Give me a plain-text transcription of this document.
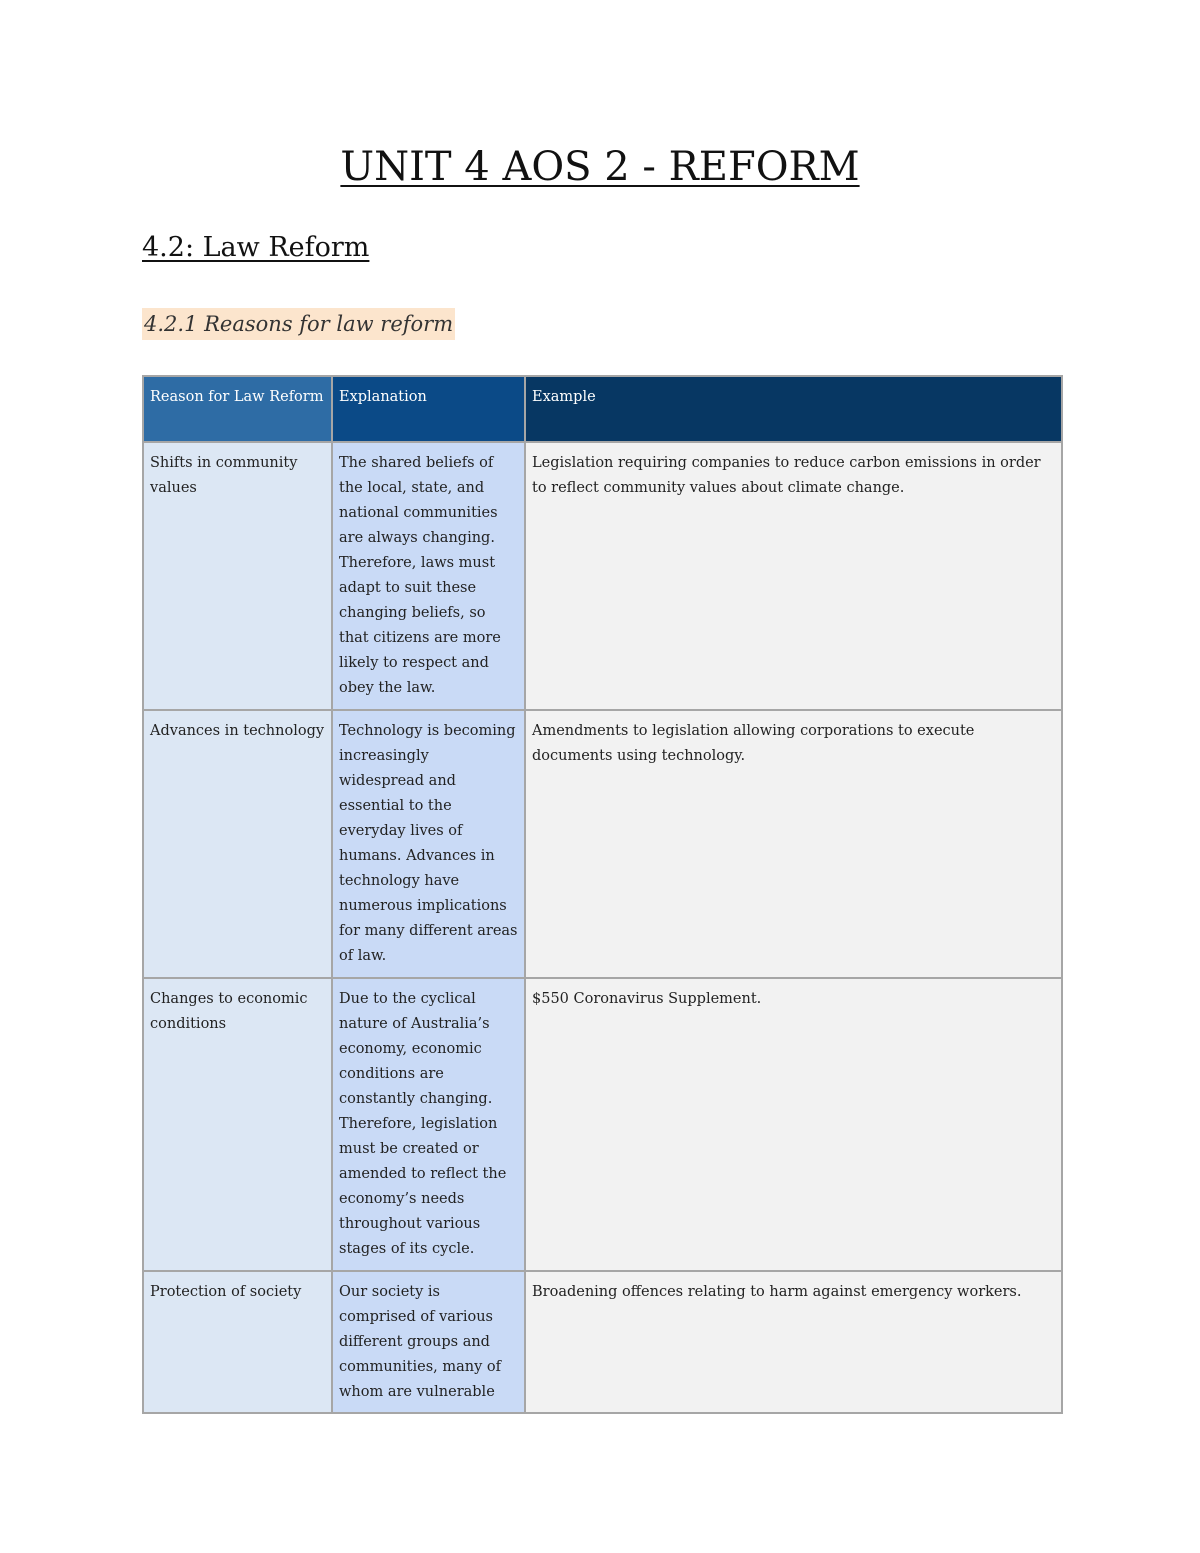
UNIT 4 AOS 2 - REFORM
4.2: Law Reform
4.2.1 Reasons for law reform
Reason for Law Reform	Explanation	Example
Shifts in community values	The shared beliefs of the local, state, and national communities are always changing. Therefore, laws must adapt to suit these changing beliefs, so that citizens are more likely to respect and obey the law.	Legislation requiring companies to reduce carbon emissions in order to reflect community values about climate change.
Advances in technology	Technology is becoming increasingly widespread and essential to the everyday lives of humans. Advances in technology have numerous implications for many different areas of law.	Amendments to legislation allowing corporations to execute documents using technology.
Changes to economic conditions	Due to the cyclical nature of Australia’s economy, economic conditions are constantly changing. Therefore, legislation must be created or amended to reflect the economy’s needs throughout various stages of its cycle.	$550 Coronavirus Supplement.
Protection of society	Our society is comprised of various different groups and communities, many of whom are vulnerable	Broadening offences relating to harm against emergency workers.
